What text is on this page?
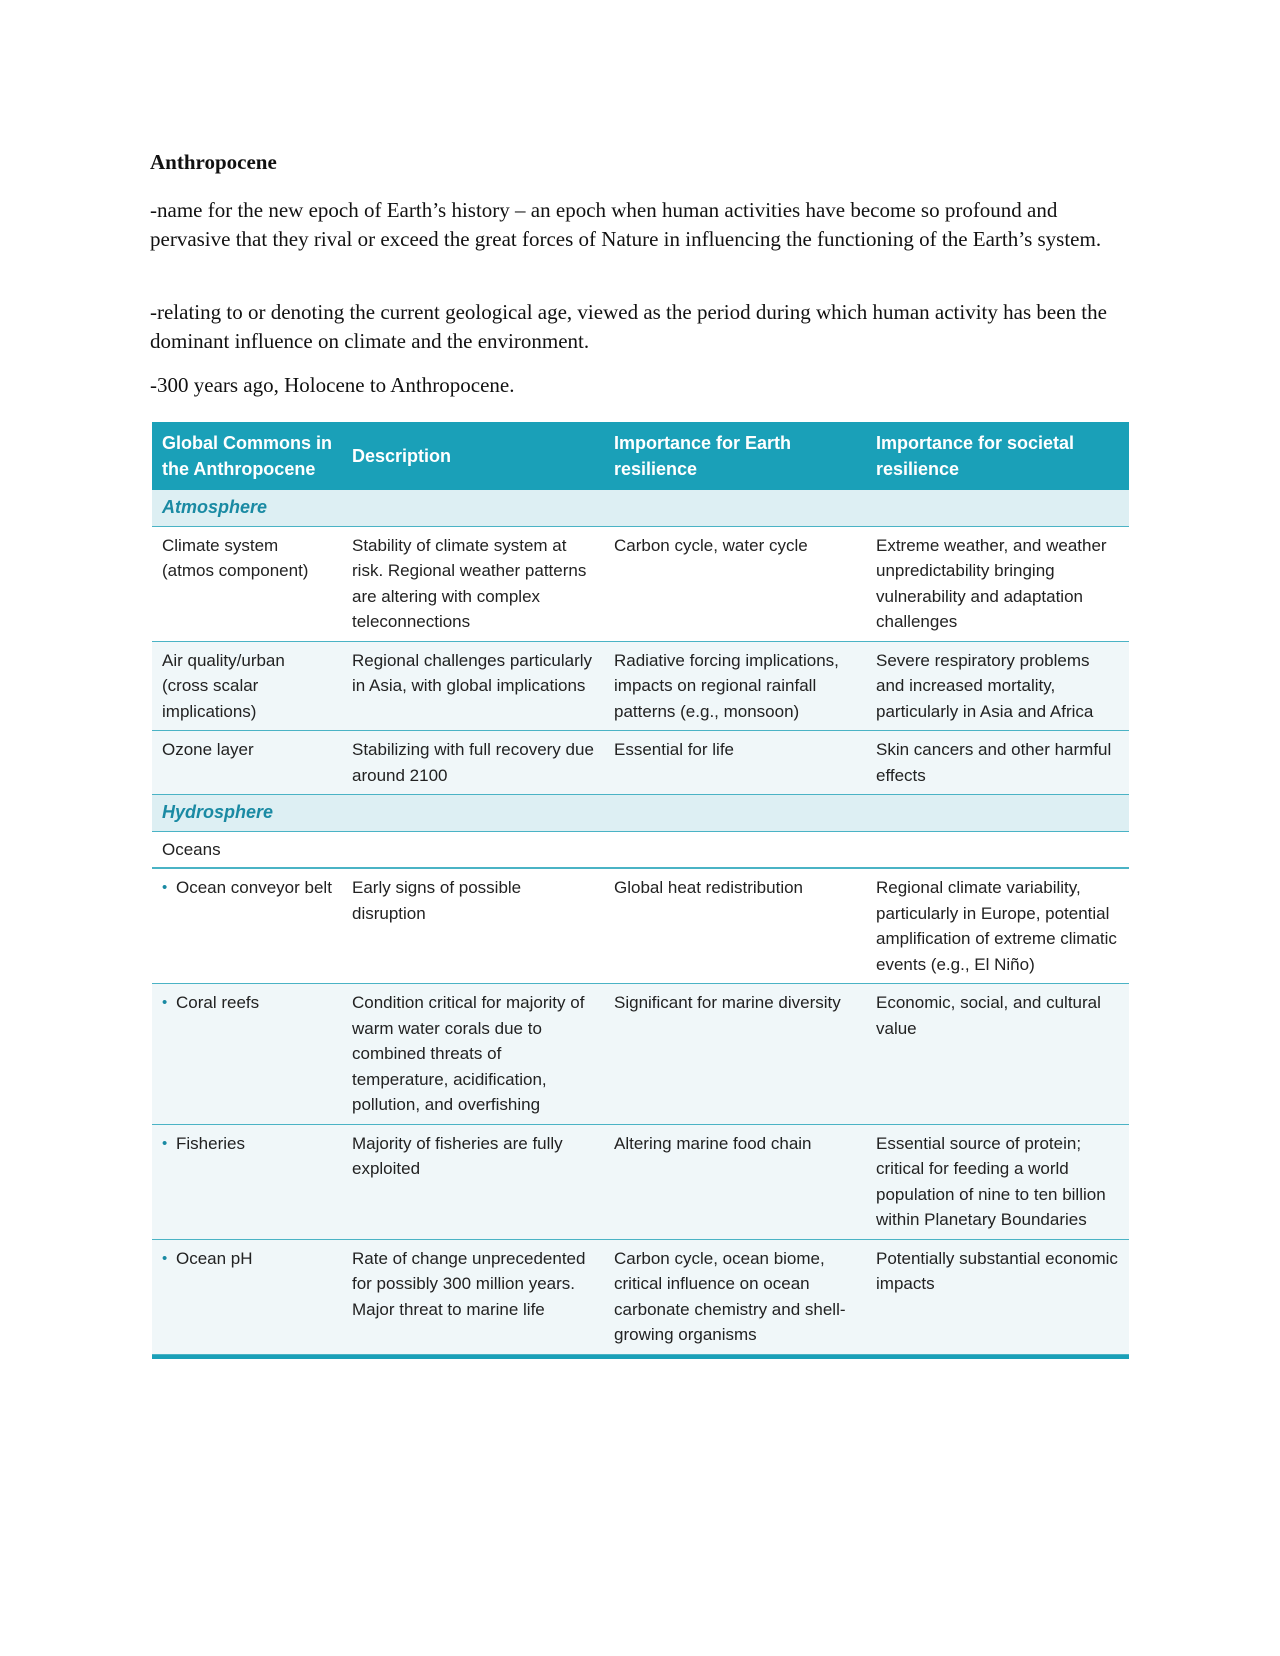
Anthropocene

-name for the new epoch of Earth’s history – an epoch when human activities have become so profound and pervasive that they rival or exceed the great forces of Nature in influencing the functioning of the Earth’s system.

-relating to or denoting the current geological age, viewed as the period during which human activity has been the dominant influence on climate and the environment.

-300 years ago, Holocene to Anthropocene.

Global Commons in the Anthropocene	Description	Importance for Earth resilience	Importance for societal resilience
Atmosphere			
Climate system (atmos component)	Stability of climate system at risk. Regional weather patterns are altering with complex teleconnections	Carbon cycle, water cycle	Extreme weather, and weather unpredictability bringing vulnerability and adaptation challenges
Air quality/urban (cross scalar implications)	Regional challenges particularly in Asia, with global implications	Radiative forcing implications, impacts on regional rainfall patterns (e.g., monsoon)	Severe respiratory problems and increased mortality, particularly in Asia and Africa
Ozone layer	Stabilizing with full recovery due around 2100	Essential for life	Skin cancers and other harmful effects
Hydrosphere			
Oceans			
• Ocean conveyor belt	Early signs of possible disruption	Global heat redistribution	Regional climate variability, particularly in Europe, potential amplification of extreme climatic events (e.g., El Niño)
• Coral reefs	Condition critical for majority of warm water corals due to combined threats of temperature, acidification, pollution, and overfishing	Significant for marine diversity	Economic, social, and cultural value
• Fisheries	Majority of fisheries are fully exploited	Altering marine food chain	Essential source of protein; critical for feeding a world population of nine to ten billion within Planetary Boundaries
• Ocean pH	Rate of change unprecedented for possibly 300 million years. Major threat to marine life	Carbon cycle, ocean biome, critical influence on ocean carbonate chemistry and shell-growing organisms	Potentially substantial economic impacts
